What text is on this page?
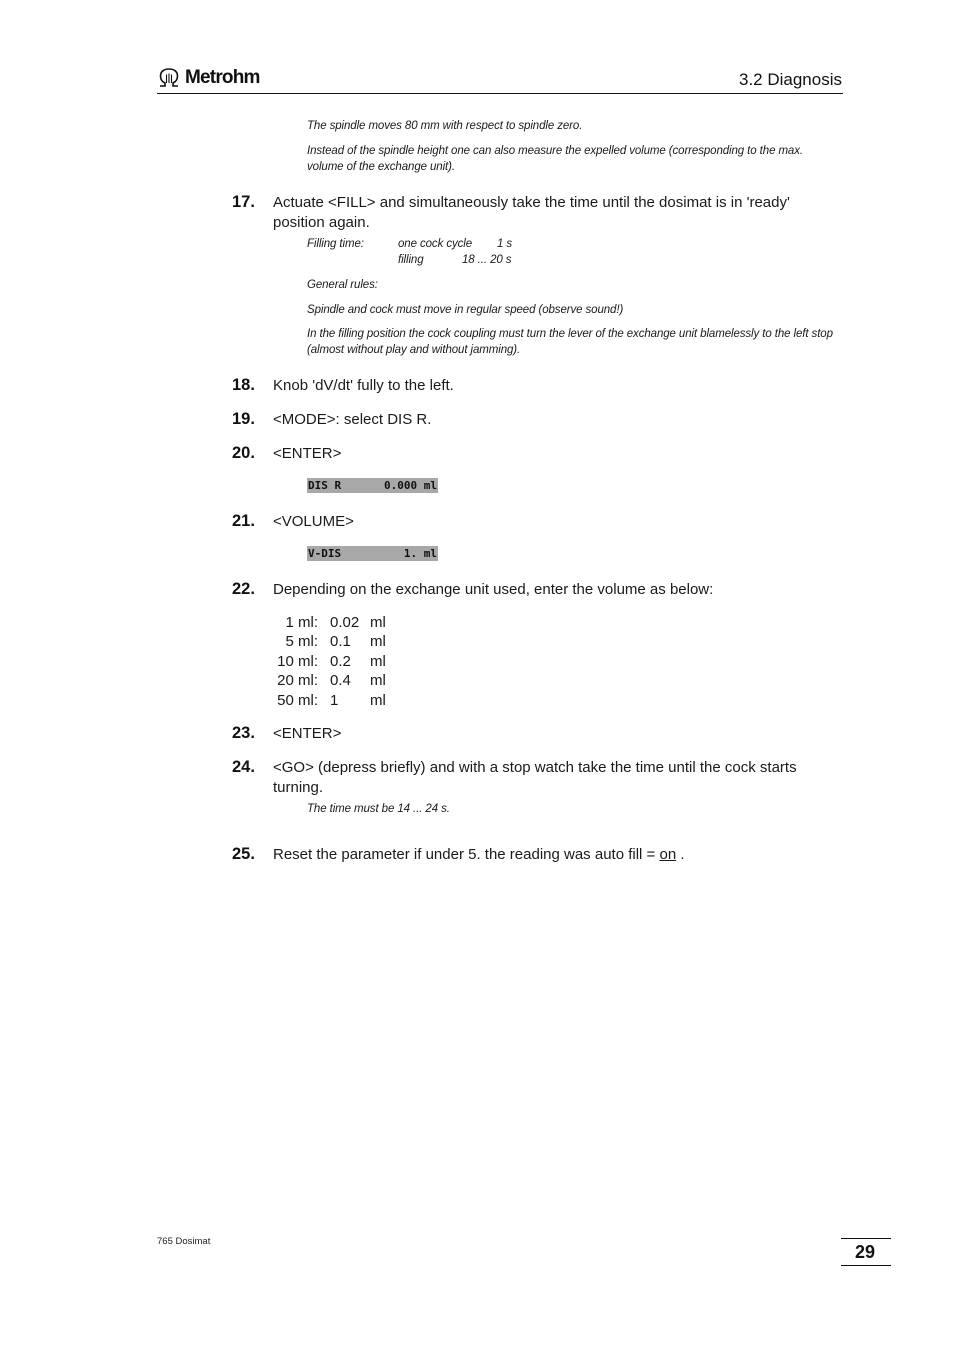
Metrohm	3.2 Diagnosis
The spindle moves 80 mm with respect to spindle zero.
Instead of the spindle height one can also measure the expelled volume (corresponding to the max. volume of the exchange unit).
17. Actuate <FILL> and simultaneously take the time until the dosimat is in 'ready' position again.
Filling time:	one cock cycle	1 s
filling	18 ... 20 s
General rules:
Spindle and cock must move in regular speed (observe sound!)
In the filling position the cock coupling must turn the lever of the exchange unit blamelessly to the left stop (almost without play and without jamming).
18. Knob 'dV/dt' fully to the left.
19. <MODE>: select DIS R.
20. <ENTER>
DIS R	0.000 ml
21. <VOLUME>
V-DIS	1. ml
22. Depending on the exchange unit used, enter the volume as below:
1 ml: 0.02 ml
5 ml: 0.1 ml
10 ml: 0.2 ml
20 ml: 0.4 ml
50 ml: 1 ml
23. <ENTER>
24. <GO> (depress briefly) and with a stop watch take the time until the cock starts turning.
The time must be 14 ... 24 s.
25. Reset the parameter if under 5. the reading was auto fill = on .
765 Dosimat
29
